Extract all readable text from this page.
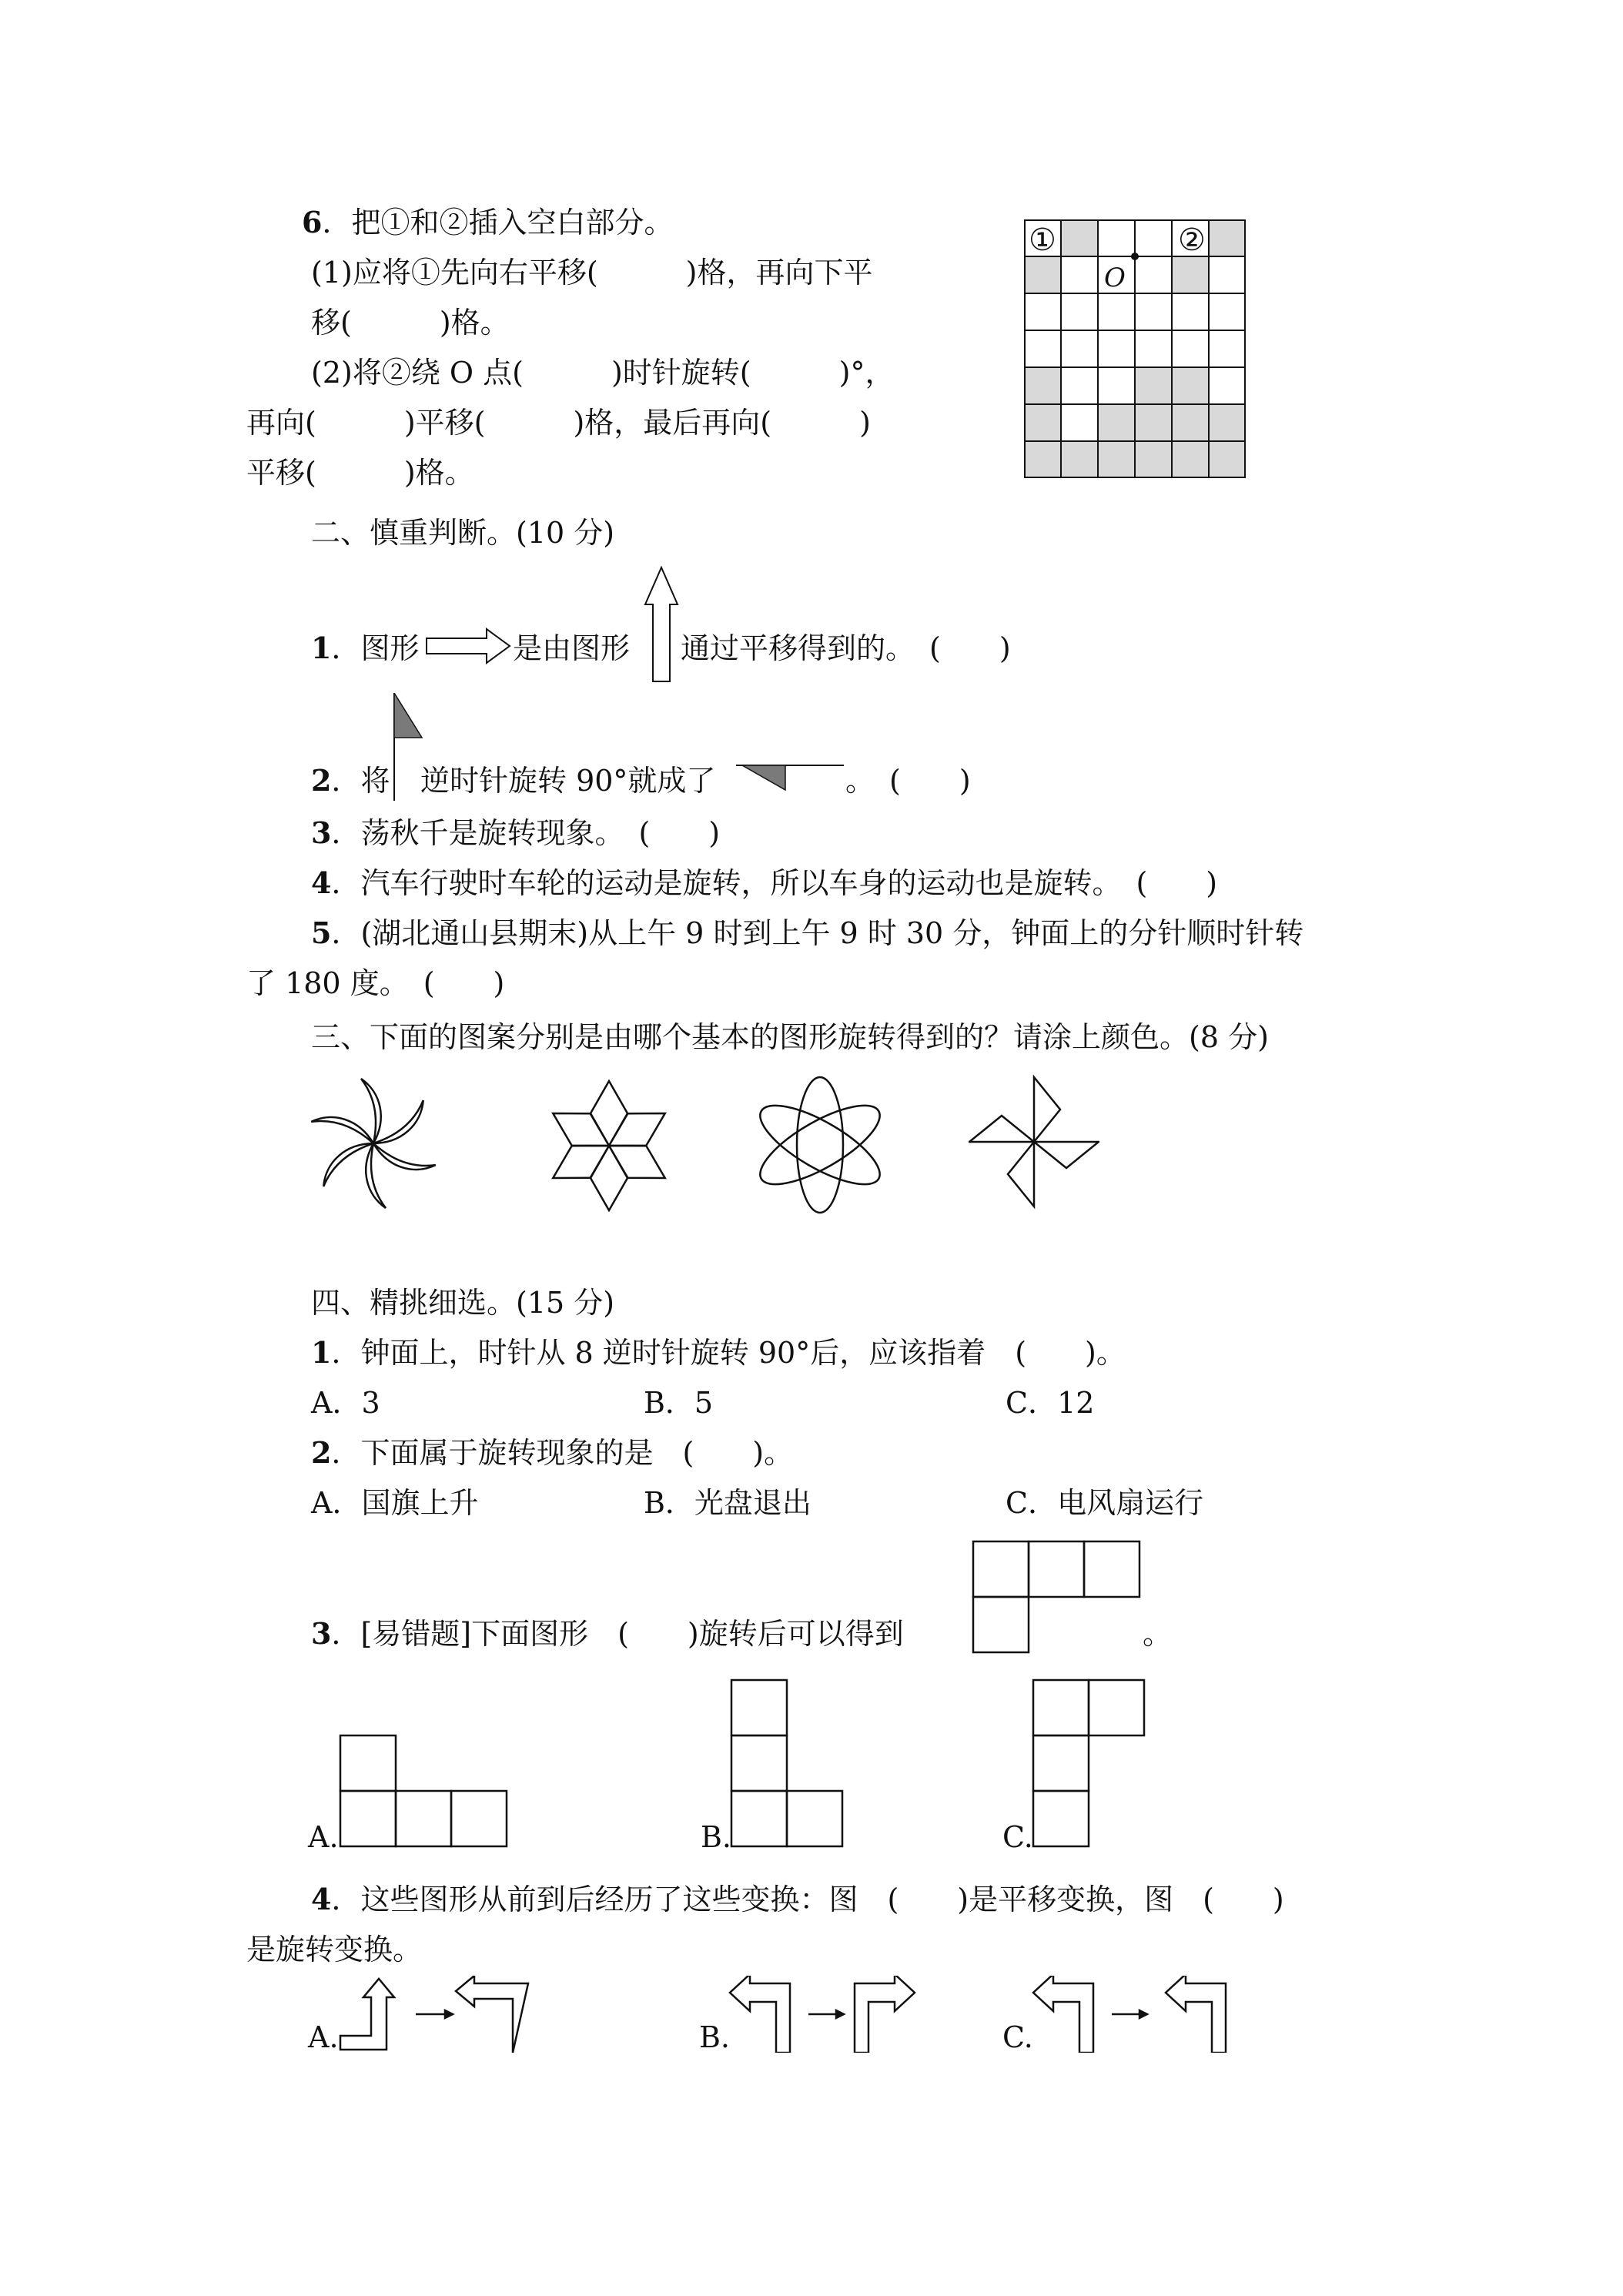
6．把①和②插入空白部分。
(1)应将①先向右平移(　　　)格，再向下平
移(　　　)格。
(2)将②绕 O 点(　　　)时针旋转(　　　)°，
再向(　　　)平移(　　　)格，最后再向(　　　)
平移(　　　)格。
①	②
O
二、慎重判断。(10 分)
1．图形	是由图形 通过平移得到的。　(　　)
2．将 逆时针旋转 90°就成了	。　(　　)
3．荡秋千是旋转现象。　(　　)
4．汽车行驶时车轮的运动是旋转，所以车身的运动也是旋转。　(　　)
5．(湖北通山县期末)从上午 9 时到上午 9 时 30 分，钟面上的分针顺时针转
了 180 度。　(　　)
三、下面的图案分别是由哪个基本的图形旋转得到的？请涂上颜色。(8 分)
四、精挑细选。(15 分)
1．钟面上，时针从 8 逆时针旋转 90°后，应该指着　(　　)。
A．3	B．5	C．12
2．下面属于旋转现象的是　(　　)。
A．国旗上升	B．光盘退出	C．电风扇运行
3．[易错题]下面图形　(　　)旋转后可以得到	。
A.	B.	C.
4．这些图形从前到后经历了这些变换：图　(　　)是平移变换，图　(　　)
是旋转变换。
A.	B.	C.
